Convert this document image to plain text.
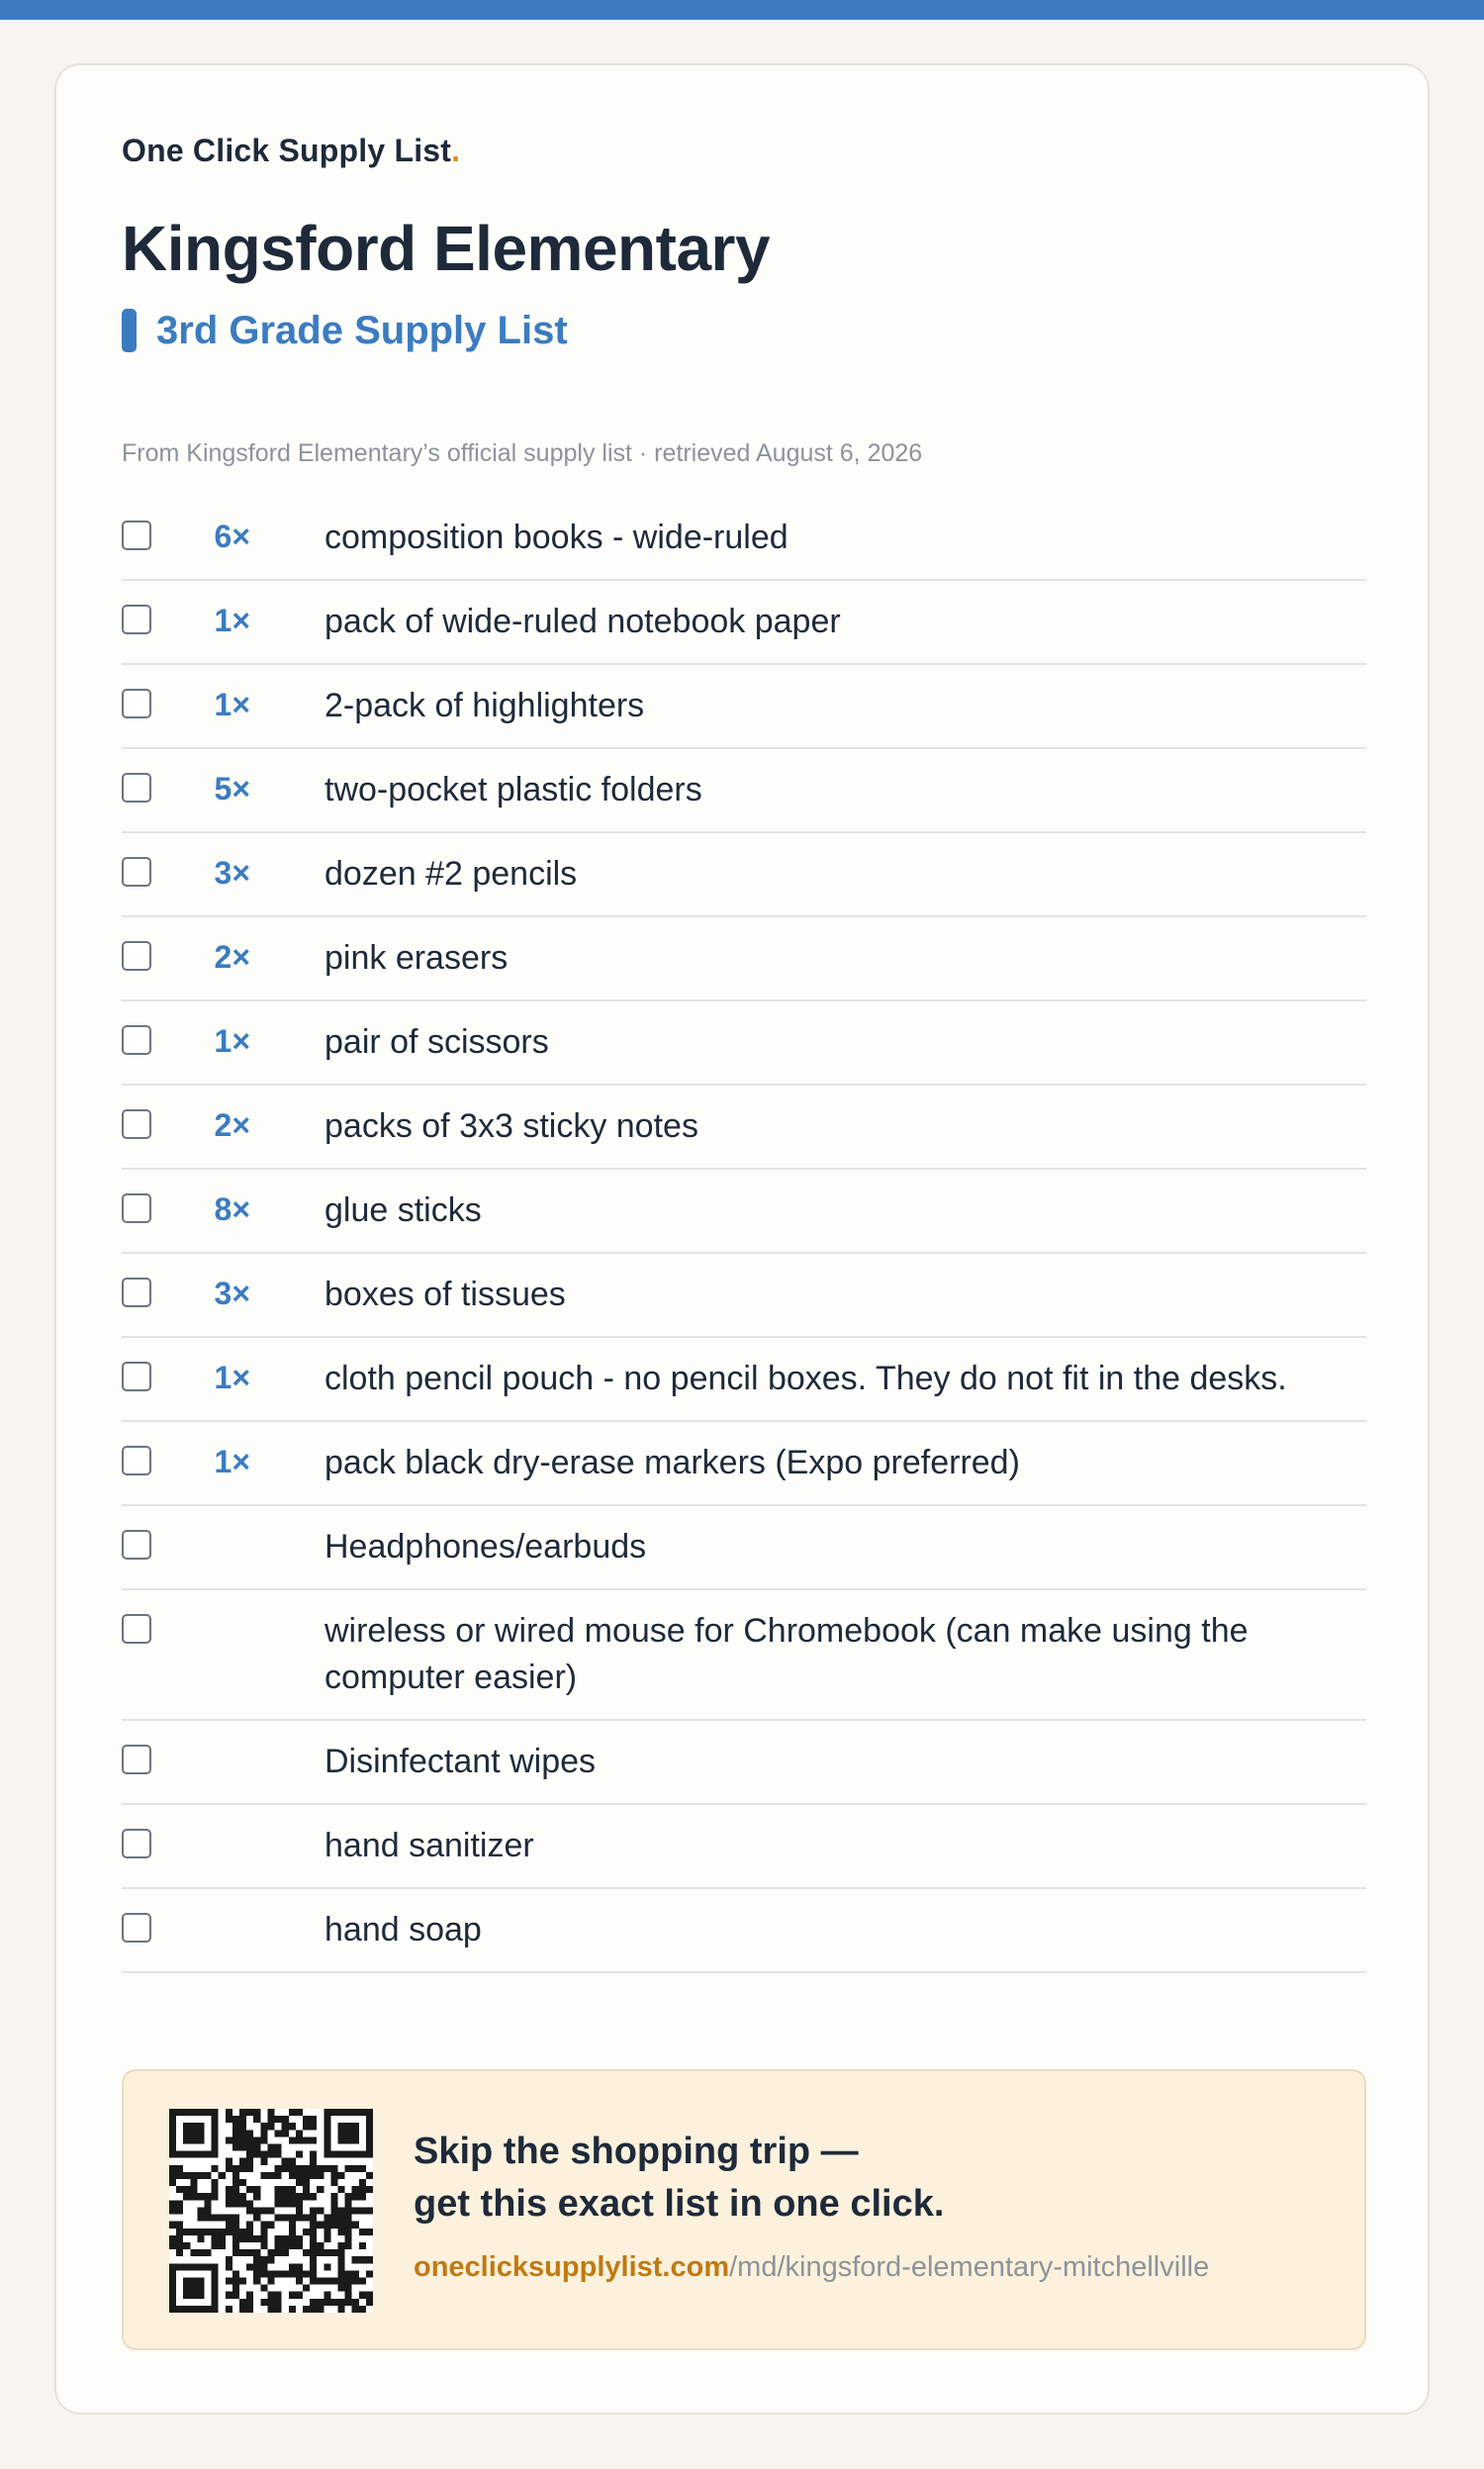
One Click Supply List.
Kingsford Elementary
3rd Grade Supply List

From Kingsford Elementary’s official supply list · retrieved August 6, 2026

6× composition books - wide-ruled
1× pack of wide-ruled notebook paper
1× 2-pack of highlighters
5× two-pocket plastic folders
3× dozen #2 pencils
2× pink erasers
1× pair of scissors
2× packs of 3x3 sticky notes
8× glue sticks
3× boxes of tissues
1× cloth pencil pouch - no pencil boxes. They do not fit in the desks.
1× pack black dry-erase markers (Expo preferred)
Headphones/earbuds
wireless or wired mouse for Chromebook (can make using the computer easier)
Disinfectant wipes
hand sanitizer
hand soap
Skip the shopping trip —
get this exact list in one click.
oneclicksupplylist.com/md/kingsford-elementary-mitchellville
